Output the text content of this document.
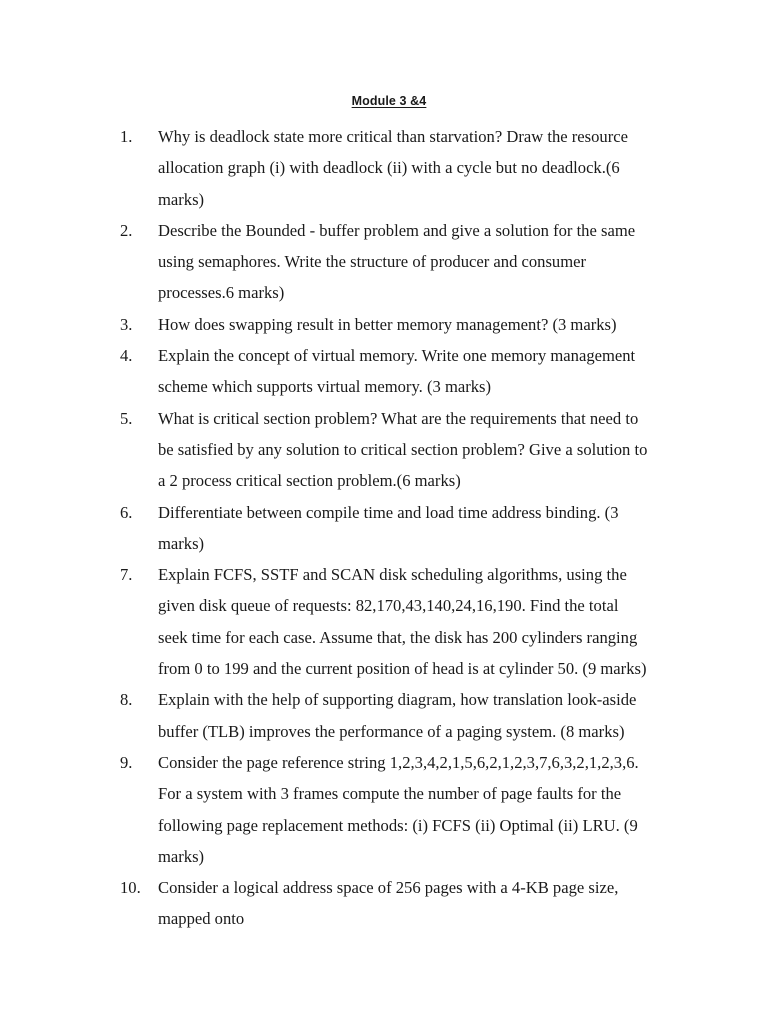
Module 3 &4
1.	Why is deadlock state more critical than starvation? Draw the resource
allocation graph (i) with deadlock (ii) with a cycle but no deadlock.(6
marks)
2.	Describe the Bounded - buffer problem and give a solution for the same
using semaphores. Write the structure of producer and consumer
processes.6 marks)
3.	How does swapping result in better memory management? (3 marks)
4.	Explain the concept of virtual memory. Write one memory management
scheme which supports virtual memory. (3 marks)
5.	What is critical section problem? What are the requirements that need to
be satisfied by any solution to critical section problem? Give a solution to
a 2 process critical section problem.(6 marks)
6.	Differentiate between compile time and load time address binding. (3
marks)
7.	Explain FCFS, SSTF and SCAN disk scheduling algorithms, using the
given disk queue of requests: 82,170,43,140,24,16,190. Find the total
seek time for each case. Assume that, the disk has 200 cylinders ranging
from 0 to 199 and the current position of head is at cylinder 50. (9 marks)
8.	Explain with the help of supporting diagram, how translation look-aside
buffer (TLB) improves the performance of a paging system. (8 marks)
9.	Consider the page reference string 1,2,3,4,2,1,5,6,2,1,2,3,7,6,3,2,1,2,3,6.
For a system with 3 frames compute the number of page faults for the
following page replacement methods: (i) FCFS (ii) Optimal (ii) LRU. (9
marks)
10.	Consider a logical address space of 256 pages with a 4-KB page size,
mapped onto
